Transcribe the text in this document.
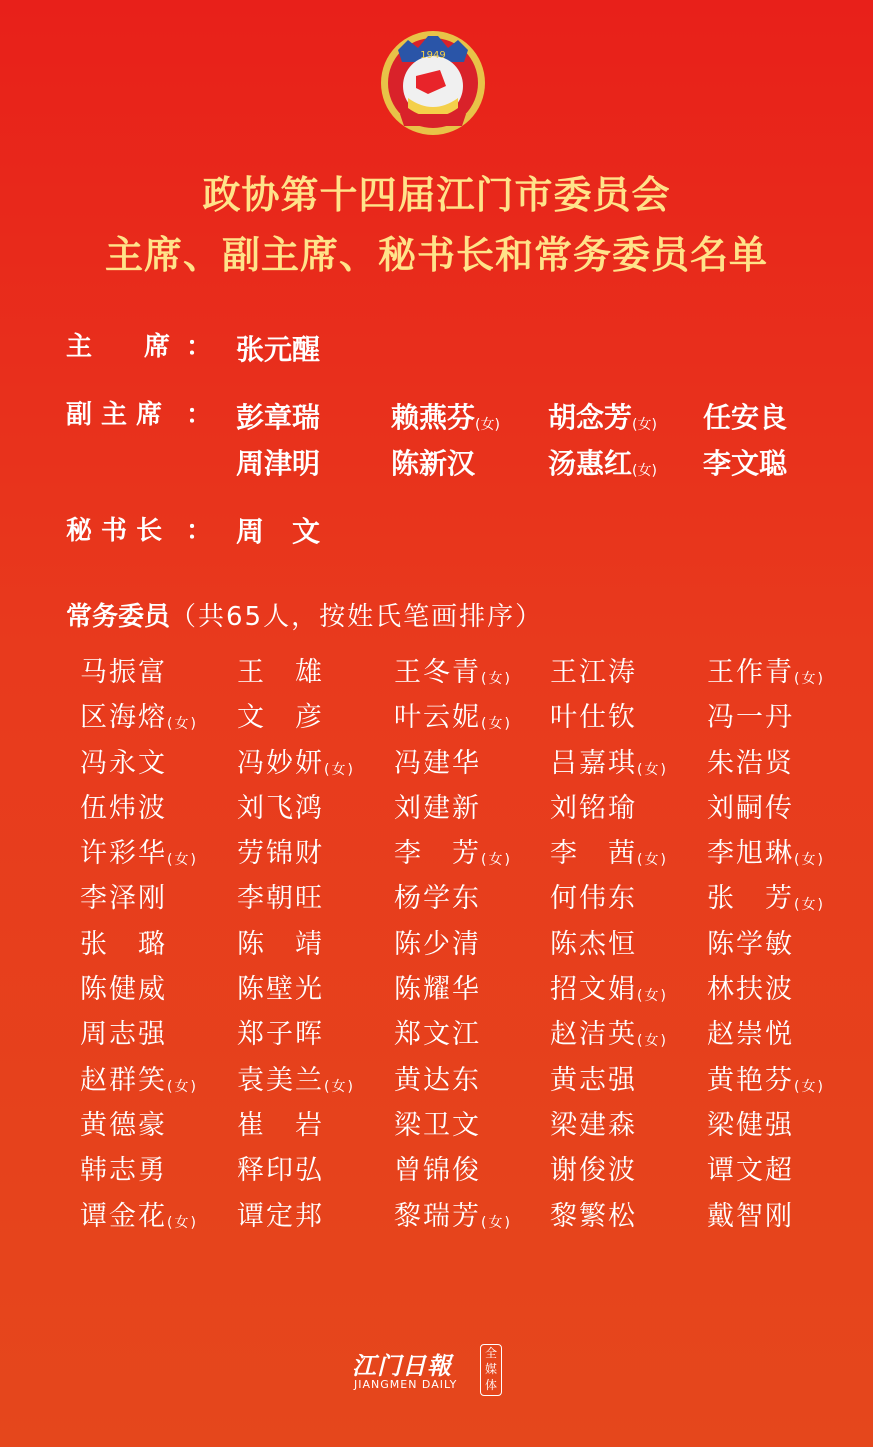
1949
政协第十四届江门市委员会
主席、副主席、秘书长和常务委员名单
主　　席 ： 张元醒
副 主 席 ： 彭章瑞	赖燕芬(女) 胡念芳(女) 任安良
周津明	陈新汉	汤惠红(女) 李文聪
秘 书 长 ： 周　文
常务委员（共65人，按姓氏笔画排序）
马振富	王　雄	王冬青(女) 王江涛	王作青(女)
区海熔(女) 文　彦	叶云妮(女) 叶仕钦	冯一丹
冯永文	冯妙妍(女) 冯建华	吕嘉琪(女) 朱浩贤
伍炜波	刘飞鸿	刘建新	刘铭瑜	刘嗣传
许彩华(女) 劳锦财	李　芳(女) 李　茜(女) 李旭琳(女)
李泽刚	李朝旺	杨学东	何伟东	张　芳(女)
张　璐	陈　靖	陈少清	陈杰恒	陈学敏
陈健威	陈壁光	陈耀华	招文娟(女) 林扶波
周志强	郑子晖	郑文江	赵洁英(女) 赵崇悦
赵群笑(女) 袁美兰(女) 黄达东	黄志强	黄艳芬(女)
黄德豪	崔　岩	梁卫文	梁建森	梁健强
韩志勇	释印弘	曾锦俊	谢俊波	谭文超
谭金花(女) 谭定邦	黎瑞芳(女) 黎繁松	戴智刚
江门日報
JIANGMEN DAILY
全媒体
